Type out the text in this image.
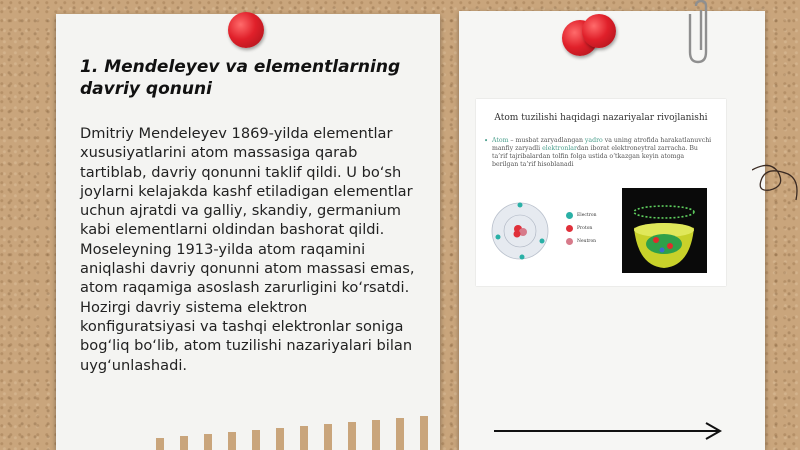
1. Mendeleyev va elementlarning davriy qonuni
Dmitriy Mendeleyev 1869-yilda elementlar xususiyatlarini atom massasiga qarab tartiblab, davriy qonunni taklif qildi. U bo‘sh joylarni kelajakda kashf etiladigan elementlar uchun ajratdi va galliy, skandiy, germanium kabi elementlarni oldindan bashorat qildi. Moseleyning 1913-yilda atom raqamini aniqlashi davriy qonunni atom massasi emas, atom raqamiga asoslash zarurligini ko‘rsatdi. Hozirgi davriy sistema elektron konfiguratsiyasi va tashqi elektronlar soniga bog‘liq bo‘lib, atom tuzilishi nazariyalari bilan uyg‘unlashadi.
Atom tuzilishi haqidagi nazariyalar rivojlanishi
• Atom – musbat zaryadlangan yadro va uning atrofida harakatlanuvchi manfiy zaryadli elektronlardan iborat elektroneytral zarracha. Bu ta’rif tajribalardan tolfin folga ustida o‘tkazgan keyin atomga berilgan ta’rif hisoblanadi
Electron
Proton
Neutron
